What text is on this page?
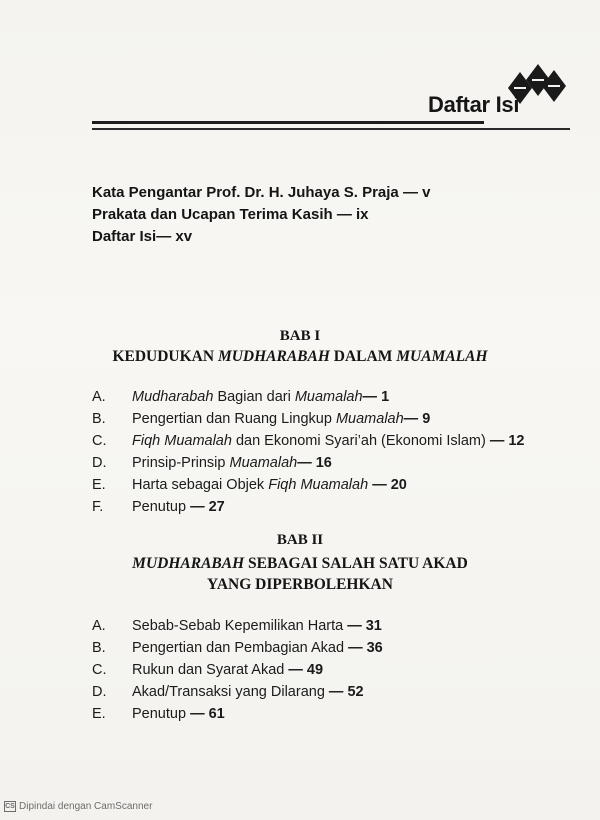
Daftar Isi
Kata Pengantar Prof. Dr. H. Juhaya S. Praja — v
Prakata dan Ucapan Terima Kasih — ix
Daftar Isi— xv
BAB I
KEDUDUKAN MUDHARABAH DALAM MUAMALAH
A. Mudharabah Bagian dari Muamalah— 1
B. Pengertian dan Ruang Lingkup Muamalah— 9
C. Fiqh Muamalah dan Ekonomi Syari’ah (Ekonomi Islam) — 12
D. Prinsip-Prinsip Muamalah— 16
E. Harta sebagai Objek Fiqh Muamalah — 20
F. Penutup — 27
BAB II
MUDHARABAH SEBAGAI SALAH SATU AKAD
YANG DIPERBOLEHKAN
A. Sebab-Sebab Kepemilikan Harta — 31
B. Pengertian dan Pembagian Akad — 36
C. Rukun dan Syarat Akad — 49
D. Akad/Transaksi yang Dilarang — 52
E. Penutup — 61
CS Dipindai dengan CamScanner
